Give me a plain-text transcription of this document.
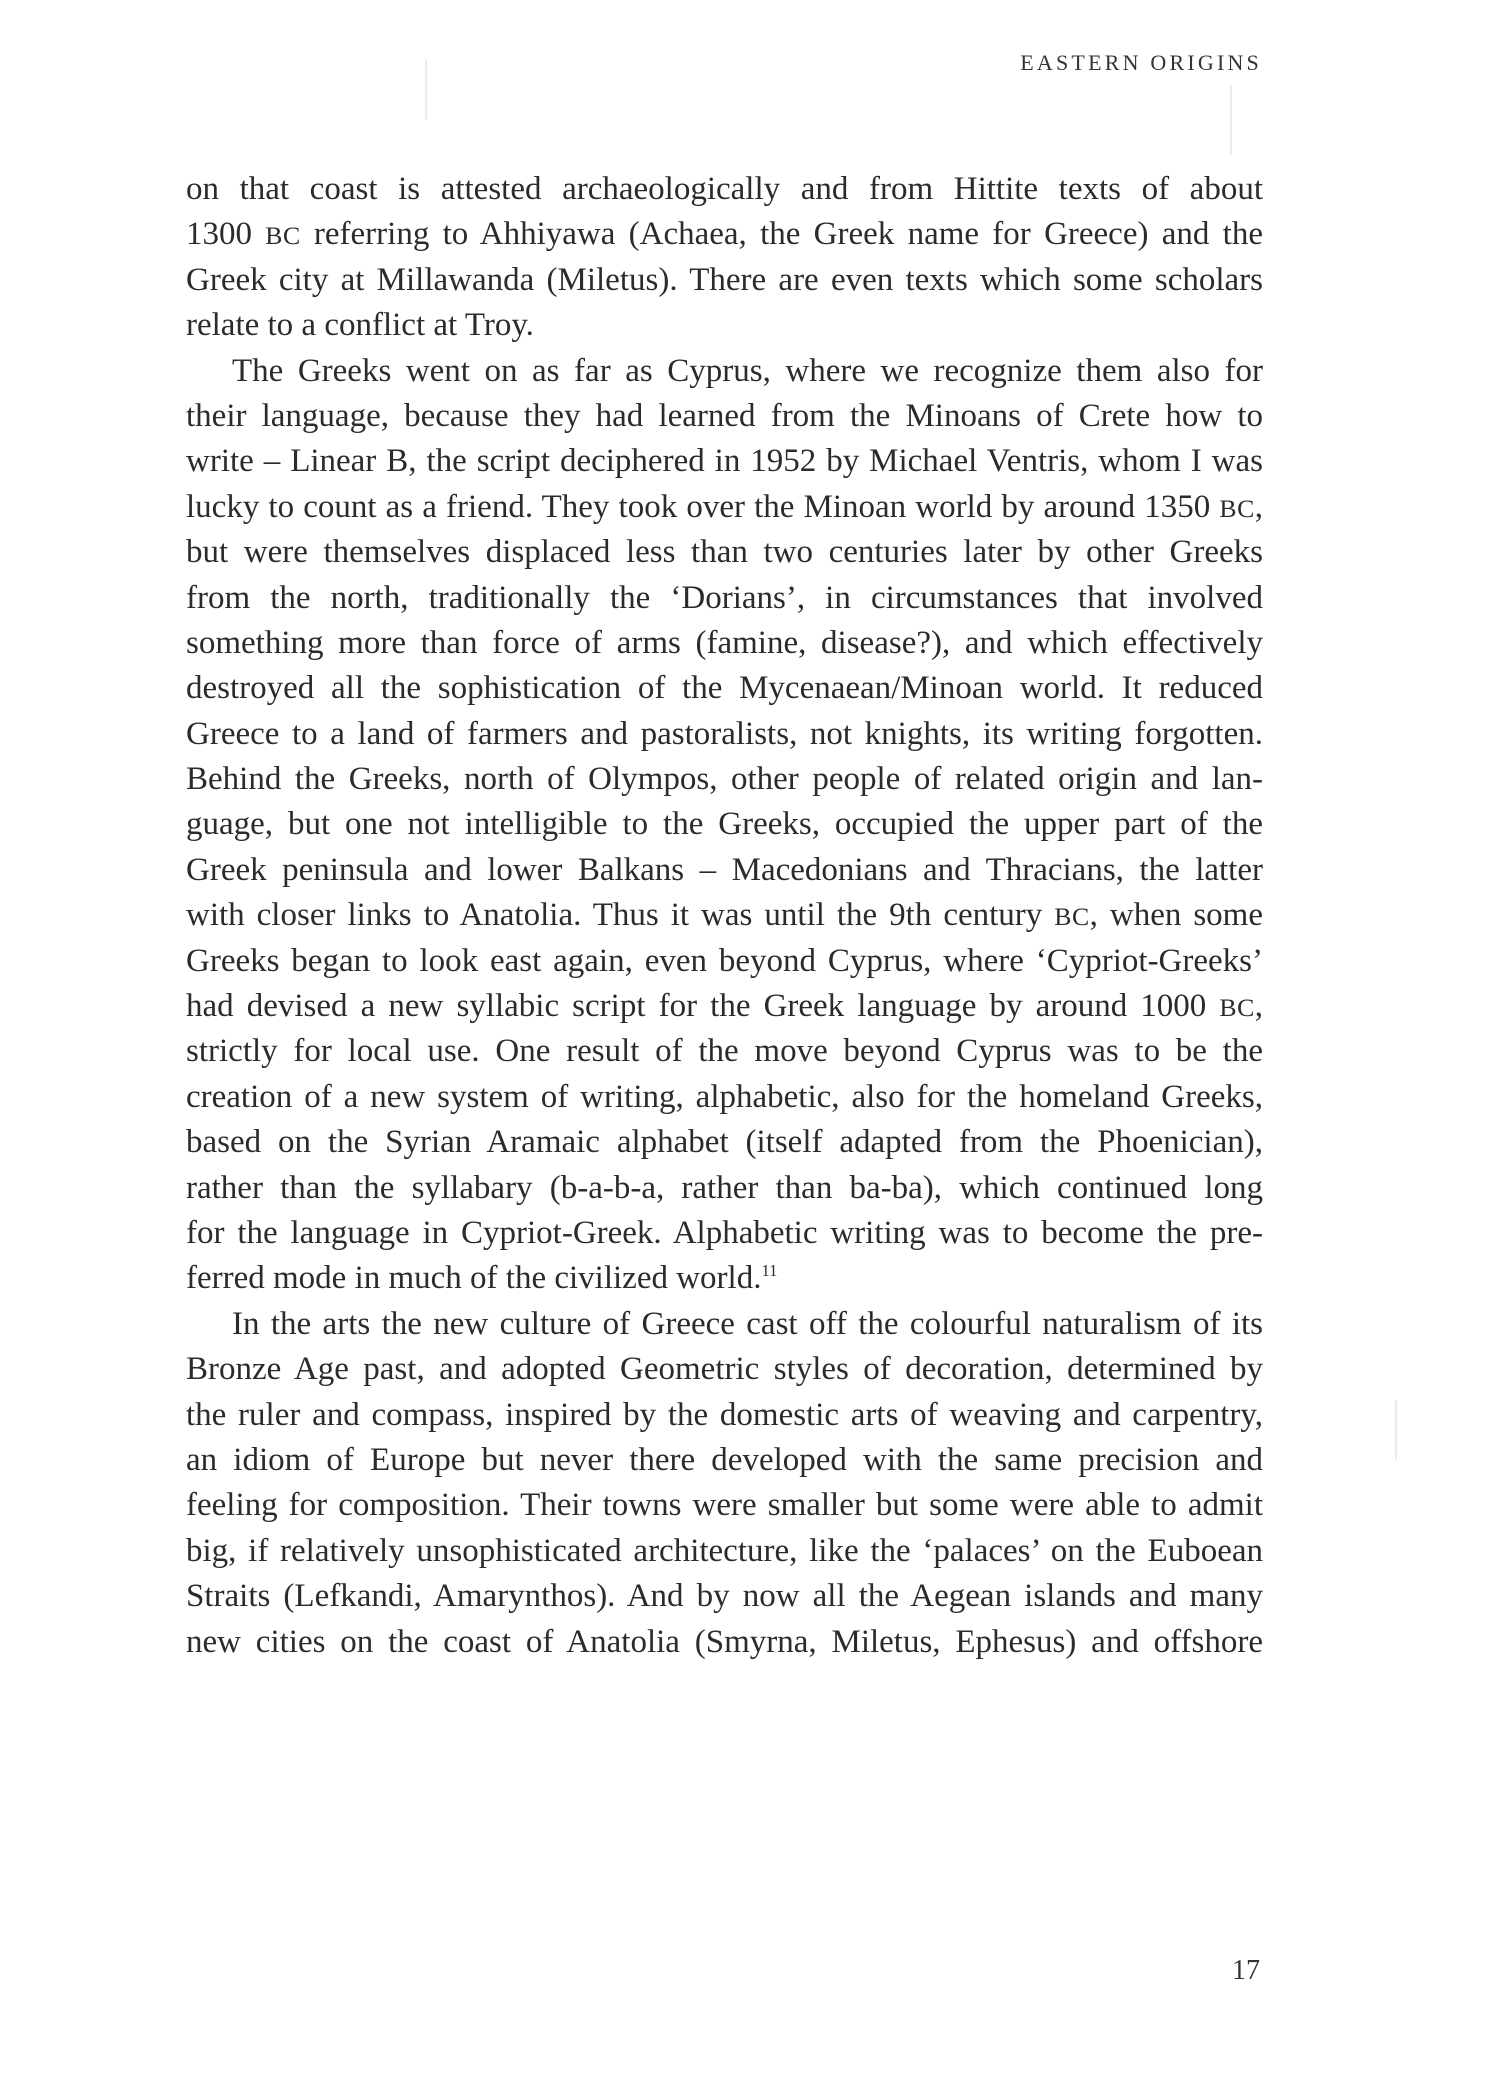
EASTERN ORIGINS
on that coast is attested archaeologically and from Hittite texts of about
1300 BC referring to Ahhiyawa (Achaea, the Greek name for Greece) and the
Greek city at Millawanda (Miletus). There are even texts which some scholars
relate to a conflict at Troy.
The Greeks went on as far as Cyprus, where we recognize them also for
their language, because they had learned from the Minoans of Crete how to
write – Linear B, the script deciphered in 1952 by Michael Ventris, whom I was
lucky to count as a friend. They took over the Minoan world by around 1350 BC,
but were themselves displaced less than two centuries later by other Greeks
from the north, traditionally the ‘Dorians’, in circumstances that involved
something more than force of arms (famine, disease?), and which effectively
destroyed all the sophistication of the Mycenaean/Minoan world. It reduced
Greece to a land of farmers and pastoralists, not knights, its writing forgotten.
Behind the Greeks, north of Olympos, other people of related origin and lan-
guage, but one not intelligible to the Greeks, occupied the upper part of the
Greek peninsula and lower Balkans – Macedonians and Thracians, the latter
with closer links to Anatolia. Thus it was until the 9th century BC, when some
Greeks began to look east again, even beyond Cyprus, where ‘Cypriot-Greeks’
had devised a new syllabic script for the Greek language by around 1000 BC,
strictly for local use. One result of the move beyond Cyprus was to be the
creation of a new system of writing, alphabetic, also for the homeland Greeks,
based on the Syrian Aramaic alphabet (itself adapted from the Phoenician),
rather than the syllabary (b-a-b-a, rather than ba-ba), which continued long
for the language in Cypriot-Greek. Alphabetic writing was to become the pre-
ferred mode in much of the civilized world.$^{11}$
In the arts the new culture of Greece cast off the colourful naturalism of its
Bronze Age past, and adopted Geometric styles of decoration, determined by
the ruler and compass, inspired by the domestic arts of weaving and carpentry,
an idiom of Europe but never there developed with the same precision and
feeling for composition. Their towns were smaller but some were able to admit
big, if relatively unsophisticated architecture, like the ‘palaces’ on the Euboean
Straits (Lefkandi, Amarynthos). And by now all the Aegean islands and many
new cities on the coast of Anatolia (Smyrna, Miletus, Ephesus) and offshore
17
